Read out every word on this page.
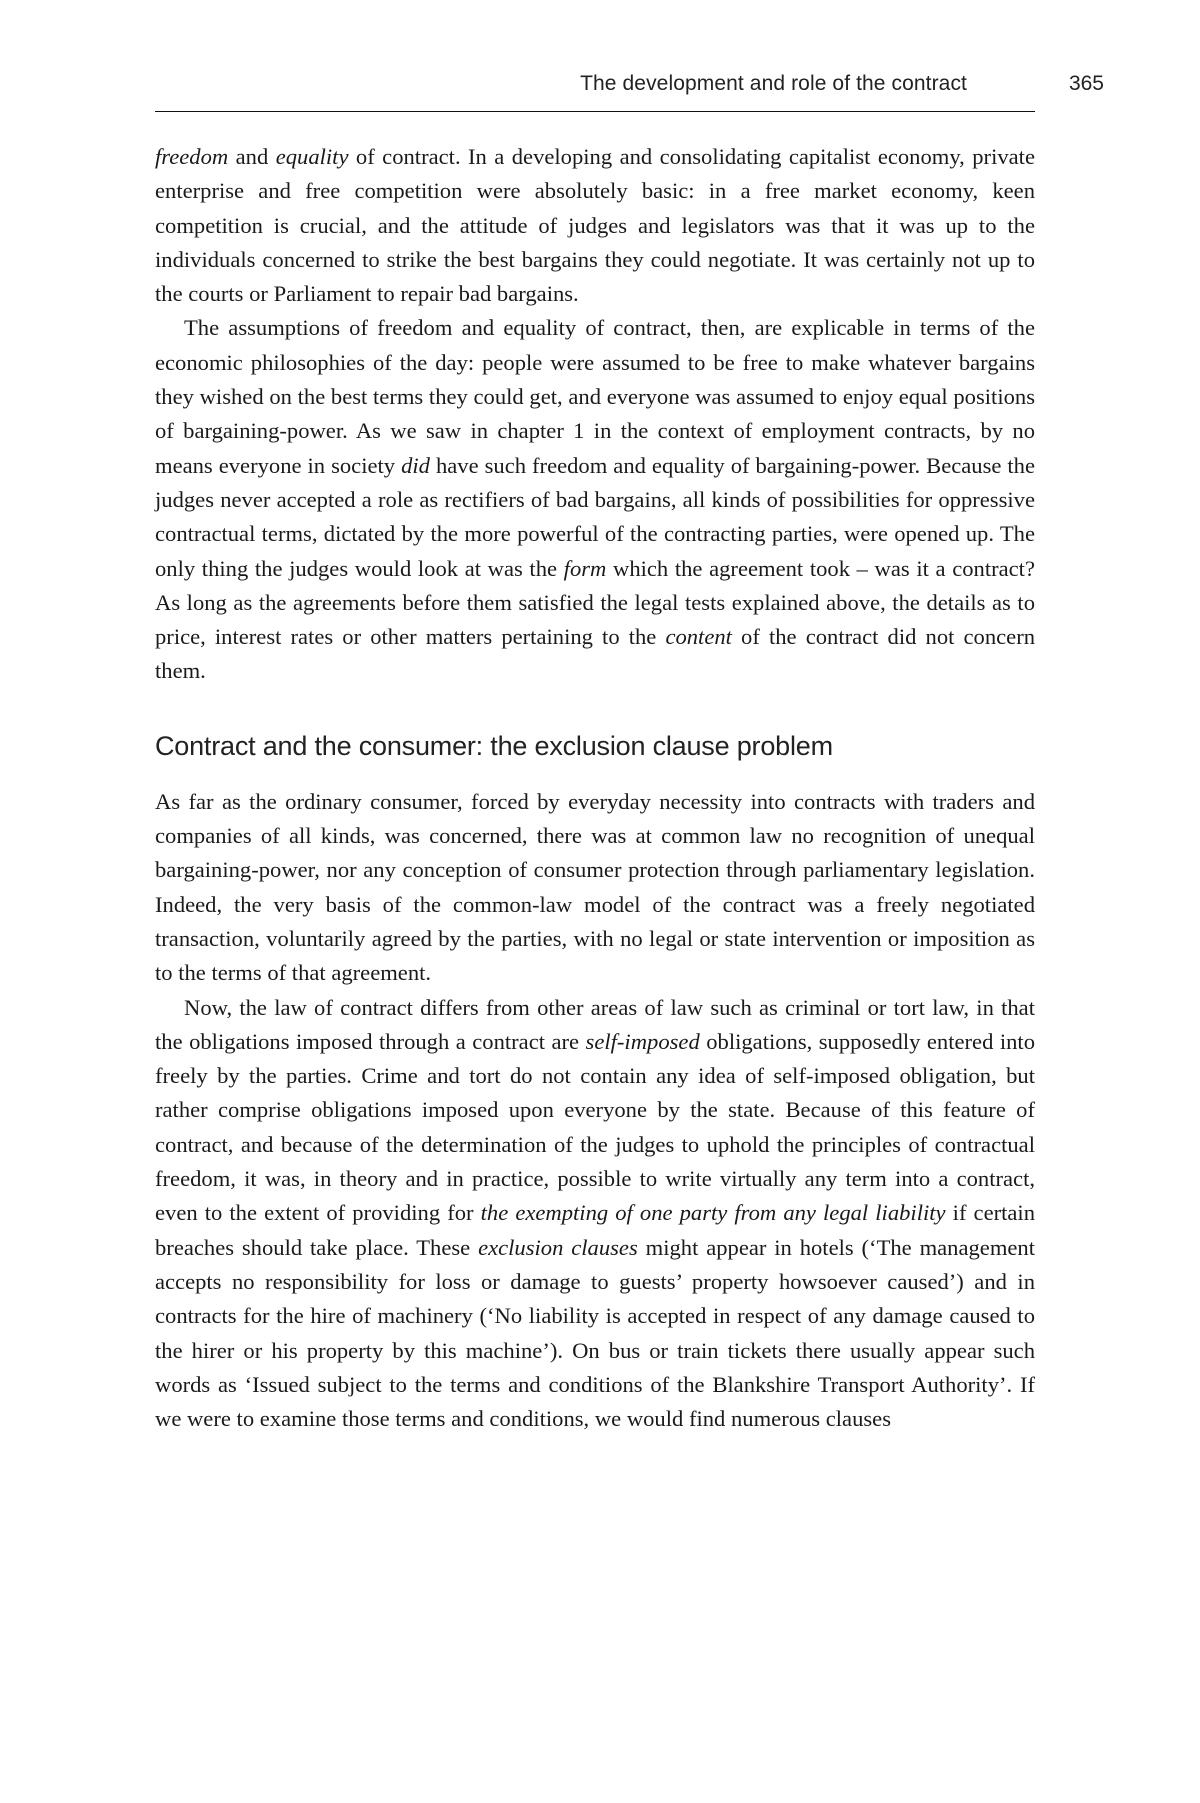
The development and role of the contract	365

freedom and equality of contract. In a developing and consolidating capitalist economy, private enterprise and free competition were absolutely basic: in a free market economy, keen competition is crucial, and the attitude of judges and legislators was that it was up to the individuals concerned to strike the best bargains they could negotiate. It was certainly not up to the courts or Parliament to repair bad bargains.

The assumptions of freedom and equality of contract, then, are explicable in terms of the economic philosophies of the day: people were assumed to be free to make whatever bargains they wished on the best terms they could get, and everyone was assumed to enjoy equal positions of bargaining-power. As we saw in chapter 1 in the context of employment contracts, by no means everyone in society did have such freedom and equality of bargaining-power. Because the judges never accepted a role as rectifiers of bad bargains, all kinds of possibilities for oppressive contractual terms, dictated by the more powerful of the contracting parties, were opened up. The only thing the judges would look at was the form which the agreement took – was it a contract? As long as the agreements before them satisfied the legal tests explained above, the details as to price, interest rates or other matters pertaining to the content of the contract did not concern them.

Contract and the consumer: the exclusion clause problem

As far as the ordinary consumer, forced by everyday necessity into contracts with traders and companies of all kinds, was concerned, there was at common law no recognition of unequal bargaining-power, nor any conception of consumer protection through parliamentary legislation. Indeed, the very basis of the common-law model of the contract was a freely negotiated transaction, voluntarily agreed by the parties, with no legal or state intervention or imposition as to the terms of that agreement.

Now, the law of contract differs from other areas of law such as criminal or tort law, in that the obligations imposed through a contract are self-imposed obligations, supposedly entered into freely by the parties. Crime and tort do not contain any idea of self-imposed obligation, but rather comprise obligations imposed upon everyone by the state. Because of this feature of contract, and because of the determination of the judges to uphold the principles of contractual freedom, it was, in theory and in practice, possible to write virtually any term into a contract, even to the extent of providing for the exempting of one party from any legal liability if certain breaches should take place. These exclusion clauses might appear in hotels (‘The management accepts no responsibility for loss or damage to guests’ property howsoever caused’) and in contracts for the hire of machinery (‘No liability is accepted in respect of any damage caused to the hirer or his property by this machine’). On bus or train tickets there usually appear such words as ‘Issued subject to the terms and conditions of the Blankshire Transport Authority’. If we were to examine those terms and conditions, we would find numerous clauses
